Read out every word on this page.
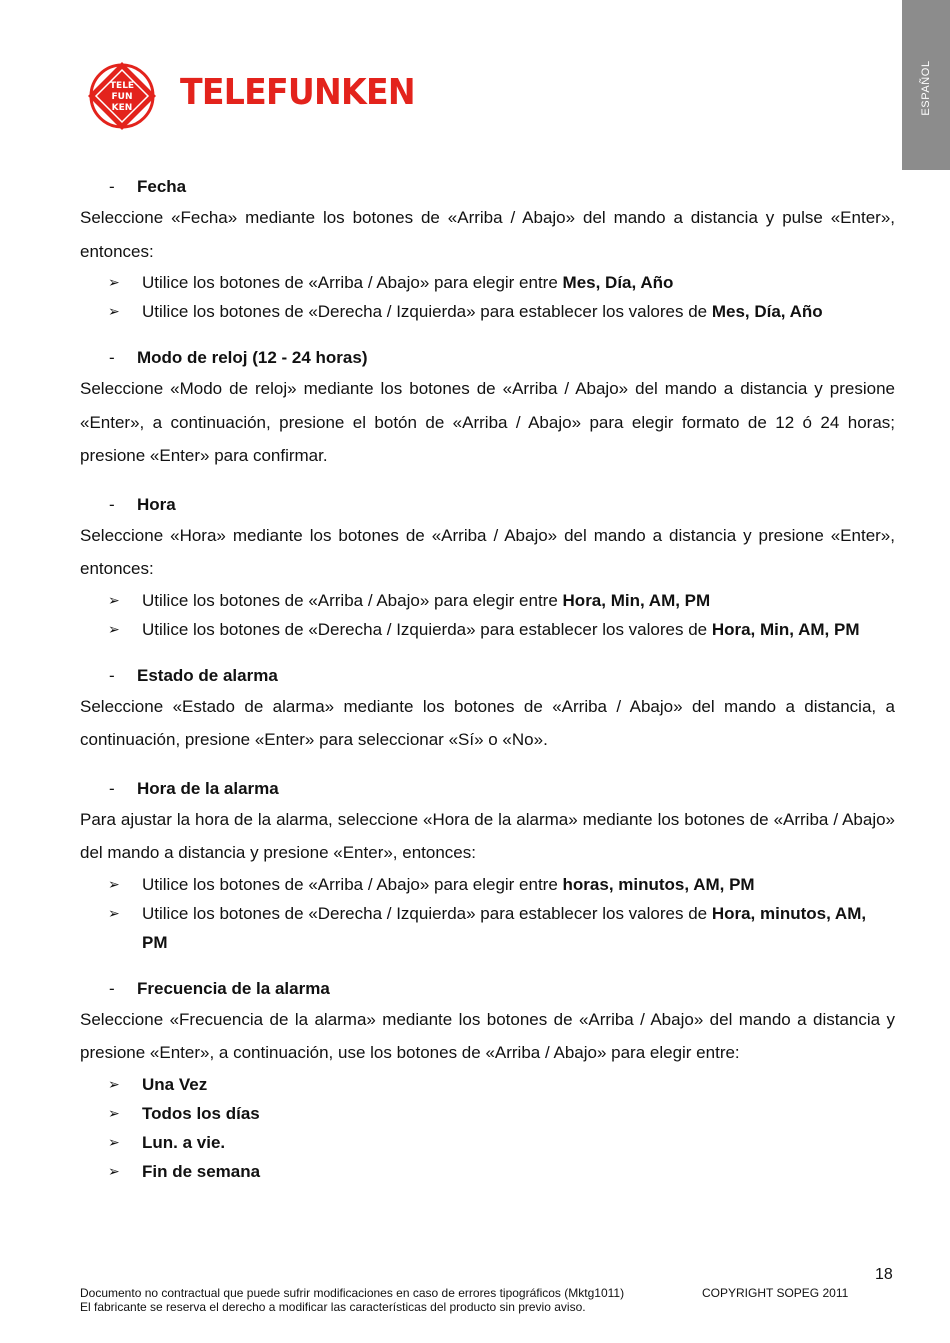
ESPAÑOL
TELE
FUN
KEN TELEFUNKEN
- Fecha

Seleccione «Fecha» mediante los botones de «Arriba / Abajo» del mando a distancia y pulse «Enter», entonces:

➢ Utilice los botones de «Arriba / Abajo» para elegir entre Mes, Día, Año
➢ Utilice los botones de «Derecha / Izquierda» para establecer los valores de Mes, Día, Año
- Modo de reloj (12 - 24 horas)

Seleccione «Modo de reloj» mediante los botones de «Arriba / Abajo» del mando a distancia y presione «Enter», a continuación, presione el botón de «Arriba / Abajo» para elegir formato de 12 ó 24 horas; presione «Enter» para confirmar.

- Hora

Seleccione «Hora» mediante los botones de «Arriba / Abajo» del mando a distancia y presione «Enter», entonces:

➢ Utilice los botones de «Arriba / Abajo» para elegir entre Hora, Min, AM, PM
➢ Utilice los botones de «Derecha / Izquierda» para establecer los valores de Hora, Min, AM, PM
- Estado de alarma

Seleccione «Estado de alarma» mediante los botones de «Arriba / Abajo» del mando a distancia, a continuación, presione «Enter» para seleccionar «Sí» o «No».

- Hora de la alarma

Para ajustar la hora de la alarma, seleccione «Hora de la alarma» mediante los botones de «Arriba / Abajo» del mando a distancia y presione «Enter», entonces:

➢ Utilice los botones de «Arriba / Abajo» para elegir entre horas, minutos, AM, PM
➢ Utilice los botones de «Derecha / Izquierda» para establecer los valores de Hora, minutos, AM, PM
- Frecuencia de la alarma

Seleccione «Frecuencia de la alarma» mediante los botones de «Arriba / Abajo» del mando a distancia y presione «Enter», a continuación, use los botones de «Arriba / Abajo» para elegir entre:

➢ Una Vez
➢ Todos los días
➢ Lun. a vie.
➢ Fin de semana
18
Documento no contractual que puede sufrir modificaciones en caso de errores tipográficos (Mktg1011)	COPYRIGHT SOPEG 2011
El fabricante se reserva el derecho a modificar las características del producto sin previo aviso.
